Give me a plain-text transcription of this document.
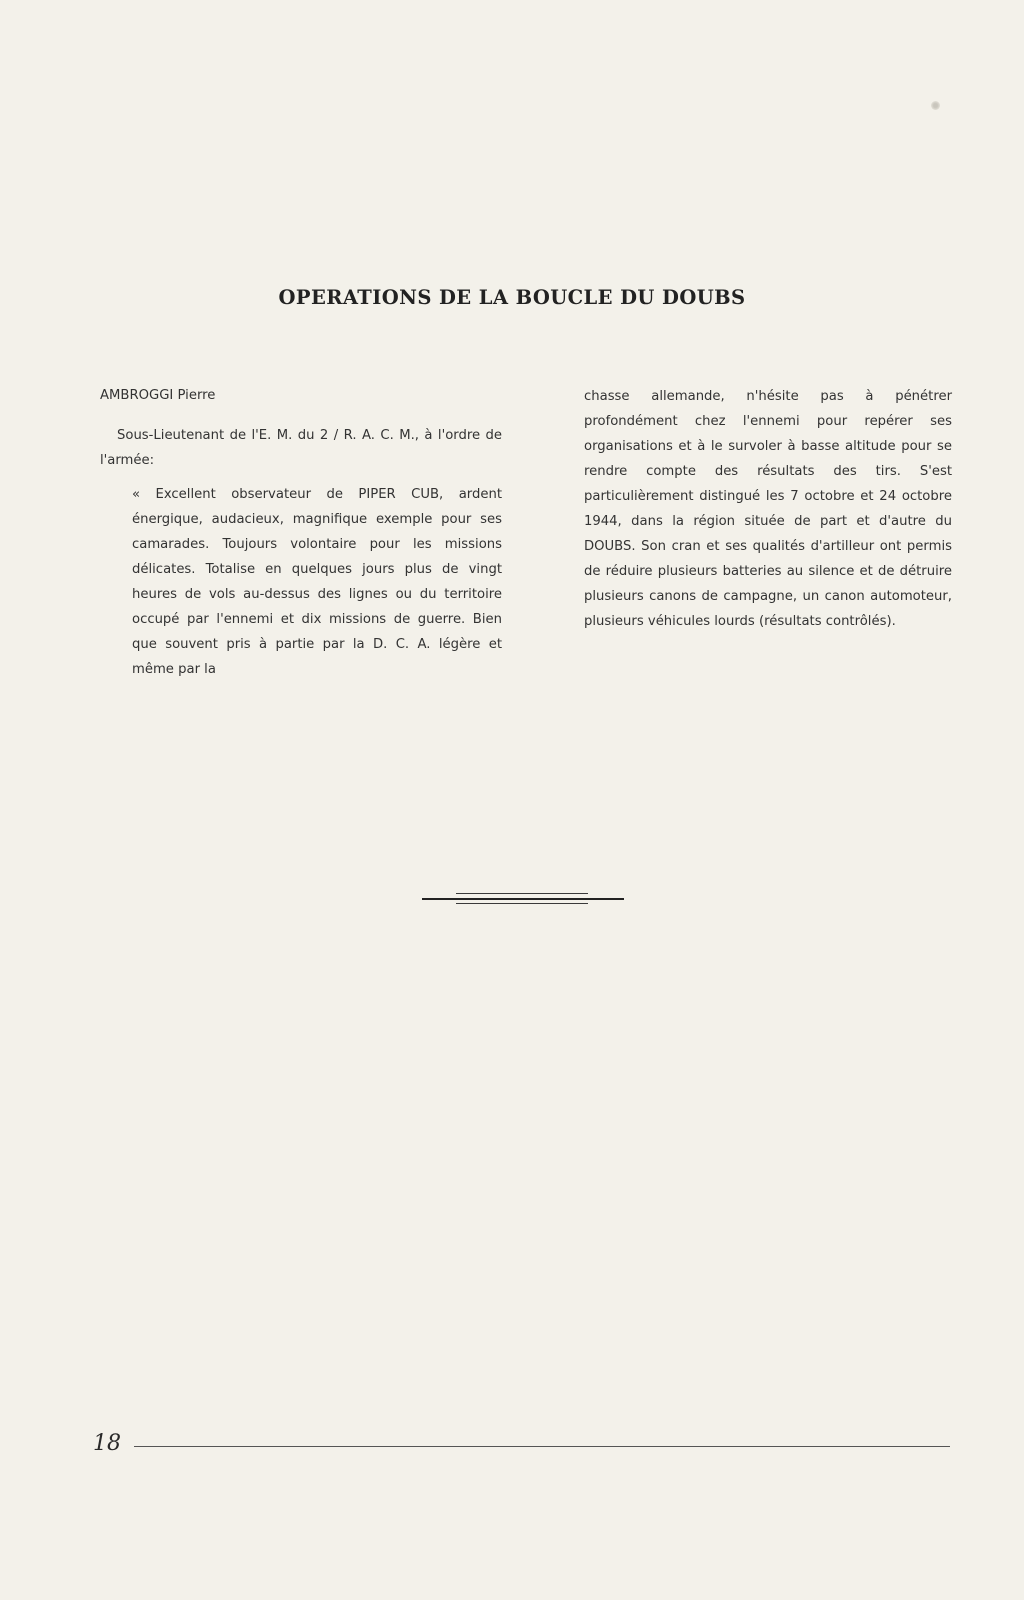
OPERATIONS DE LA BOUCLE DU DOUBS

AMBROGGI Pierre

Sous-Lieutenant de l'E. M. du 2 / R. A. C. M., à l'ordre de l'armée:

« Excellent observateur de PIPER CUB, ardent énergique, audacieux, magnifique exemple pour ses camarades. Toujours volontaire pour les missions délicates. Totalise en quelques jours plus de vingt heures de vols au-dessus des lignes ou du territoire occupé par l'ennemi et dix missions de guerre. Bien que souvent pris à partie par la D. C. A. légère et même par la

chasse allemande, n'hésite pas à pénétrer profondément chez l'ennemi pour repérer ses organisations et à le survoler à basse altitude pour se rendre compte des résultats des tirs. S'est particulièrement distingué les 7 octobre et 24 octobre 1944, dans la région située de part et d'autre du DOUBS. Son cran et ses qualités d'artilleur ont permis de réduire plusieurs batteries au silence et de détruire plusieurs canons de campagne, un canon automoteur, plusieurs véhicules lourds (résultats contrôlés).

18
